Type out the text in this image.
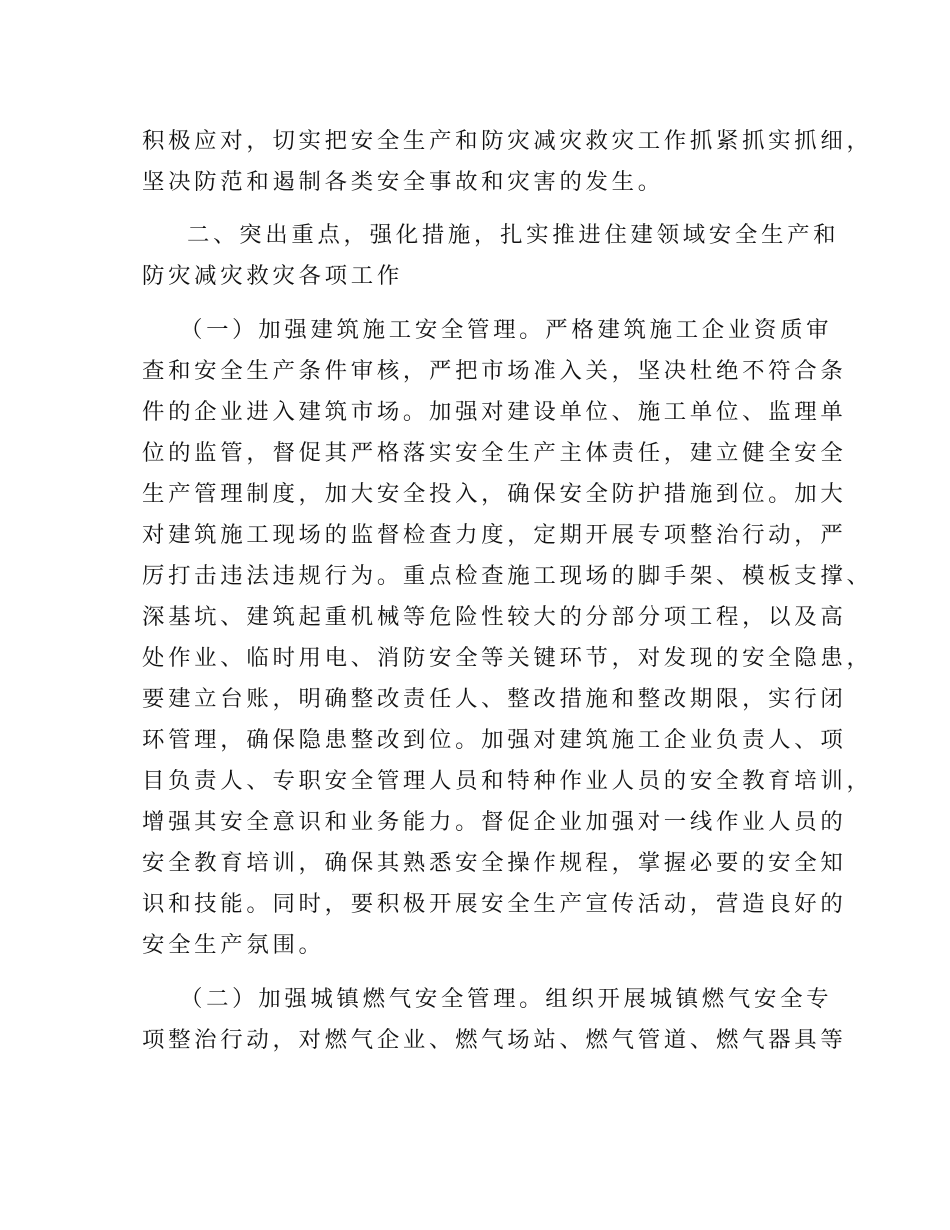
积极应对，切实把安全生产和防灾减灾救灾工作抓紧抓实抓细，
坚决防范和遏制各类安全事故和灾害的发生。
二、突出重点，强化措施，扎实推进住建领域安全生产和
防灾减灾救灾各项工作
（一）加强建筑施工安全管理。严格建筑施工企业资质审
查和安全生产条件审核，严把市场准入关，坚决杜绝不符合条
件的企业进入建筑市场。加强对建设单位、施工单位、监理单
位的监管，督促其严格落实安全生产主体责任，建立健全安全
生产管理制度，加大安全投入，确保安全防护措施到位。加大
对建筑施工现场的监督检查力度，定期开展专项整治行动，严
厉打击违法违规行为。重点检查施工现场的脚手架、模板支撑、
深基坑、建筑起重机械等危险性较大的分部分项工程，以及高
处作业、临时用电、消防安全等关键环节，对发现的安全隐患，
要建立台账，明确整改责任人、整改措施和整改期限，实行闭
环管理，确保隐患整改到位。加强对建筑施工企业负责人、项
目负责人、专职安全管理人员和特种作业人员的安全教育培训，
增强其安全意识和业务能力。督促企业加强对一线作业人员的
安全教育培训，确保其熟悉安全操作规程，掌握必要的安全知
识和技能。同时，要积极开展安全生产宣传活动，营造良好的
安全生产氛围。
（二）加强城镇燃气安全管理。组织开展城镇燃气安全专
项整治行动，对燃气企业、燃气场站、燃气管道、燃气器具等
